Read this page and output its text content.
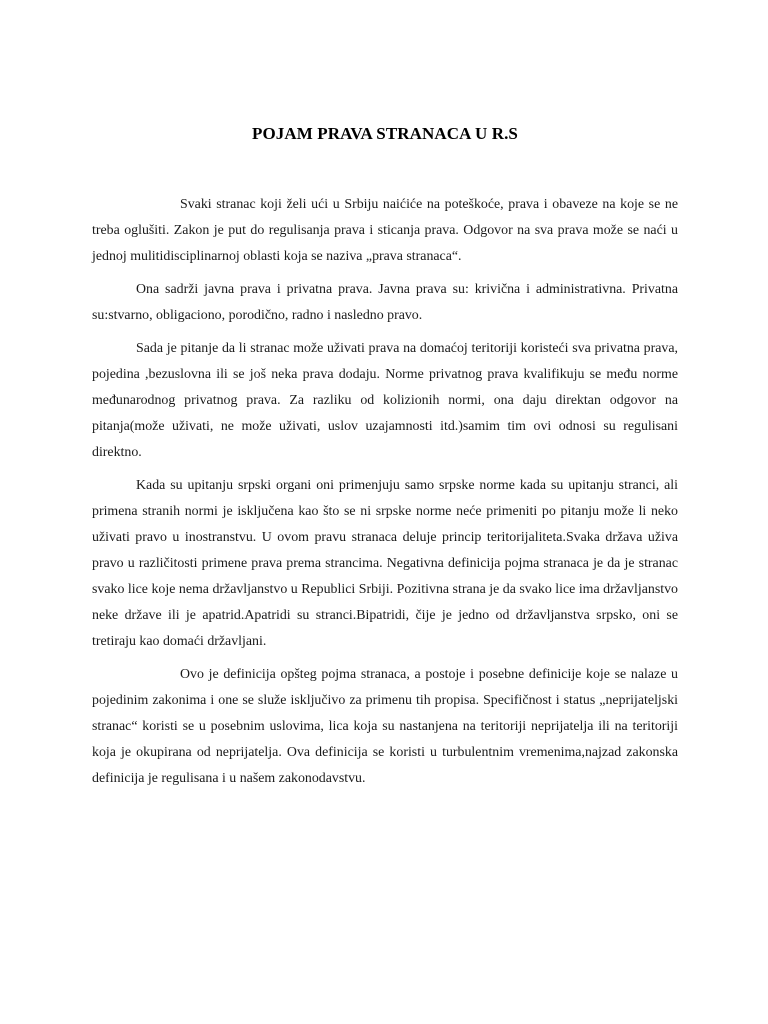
POJAM PRAVA STRANACA U R.S

Svaki stranac koji želi ući u Srbiju naićiće na poteškoće, prava i obaveze na koje se ne treba oglušiti. Zakon je put do regulisanja prava i sticanja prava. Odgovor na sva prava može se naći u jednoj mulitidisciplinarnoj oblasti koja se naziva „prava stranaca“.

Ona sadrži javna prava i privatna prava. Javna prava su: krivična i administrativna. Privatna su:stvarno, obligaciono, porodično, radno i nasledno pravo.

Sada je pitanje da li stranac može uživati prava na domaćoj teritoriji koristeći sva privatna prava, pojedina ,bezuslovna ili se još neka prava dodaju. Norme privatnog prava kvalifikuju se među norme međunarodnog privatnog prava. Za razliku od kolizionih normi, ona daju direktan odgovor na pitanja(može uživati, ne može uživati, uslov uzajamnosti itd.)samim tim ovi odnosi su regulisani direktno.

Kada su upitanju srpski organi oni primenjuju samo srpske norme kada su upitanju stranci, ali primena stranih normi je isključena kao što se ni srpske norme neće primeniti po pitanju može li neko uživati pravo u inostranstvu. U ovom pravu stranaca deluje princip teritorijaliteta.Svaka država uživa pravo u različitosti primene prava prema strancima. Negativna definicija pojma stranaca je da je stranac svako lice koje nema državljanstvo u Republici Srbiji. Pozitivna strana je da svako lice ima državljanstvo neke države ili je apatrid.Apatridi su stranci.Bipatridi, čije je jedno od državljanstva srpsko, oni se tretiraju kao domaći državljani.

Ovo je definicija opšteg pojma stranaca, a postoje i posebne definicije koje se nalaze u pojedinim zakonima i one se služe isključivo za primenu tih propisa. Specifičnost i status „neprijateljski stranac“ koristi se u posebnim uslovima, lica koja su nastanjena na teritoriji neprijatelja ili na teritoriji koja je okupirana od neprijatelja. Ova definicija se koristi u turbulentnim vremenima,najzad zakonska definicija je regulisana i u našem zakonodavstvu.
